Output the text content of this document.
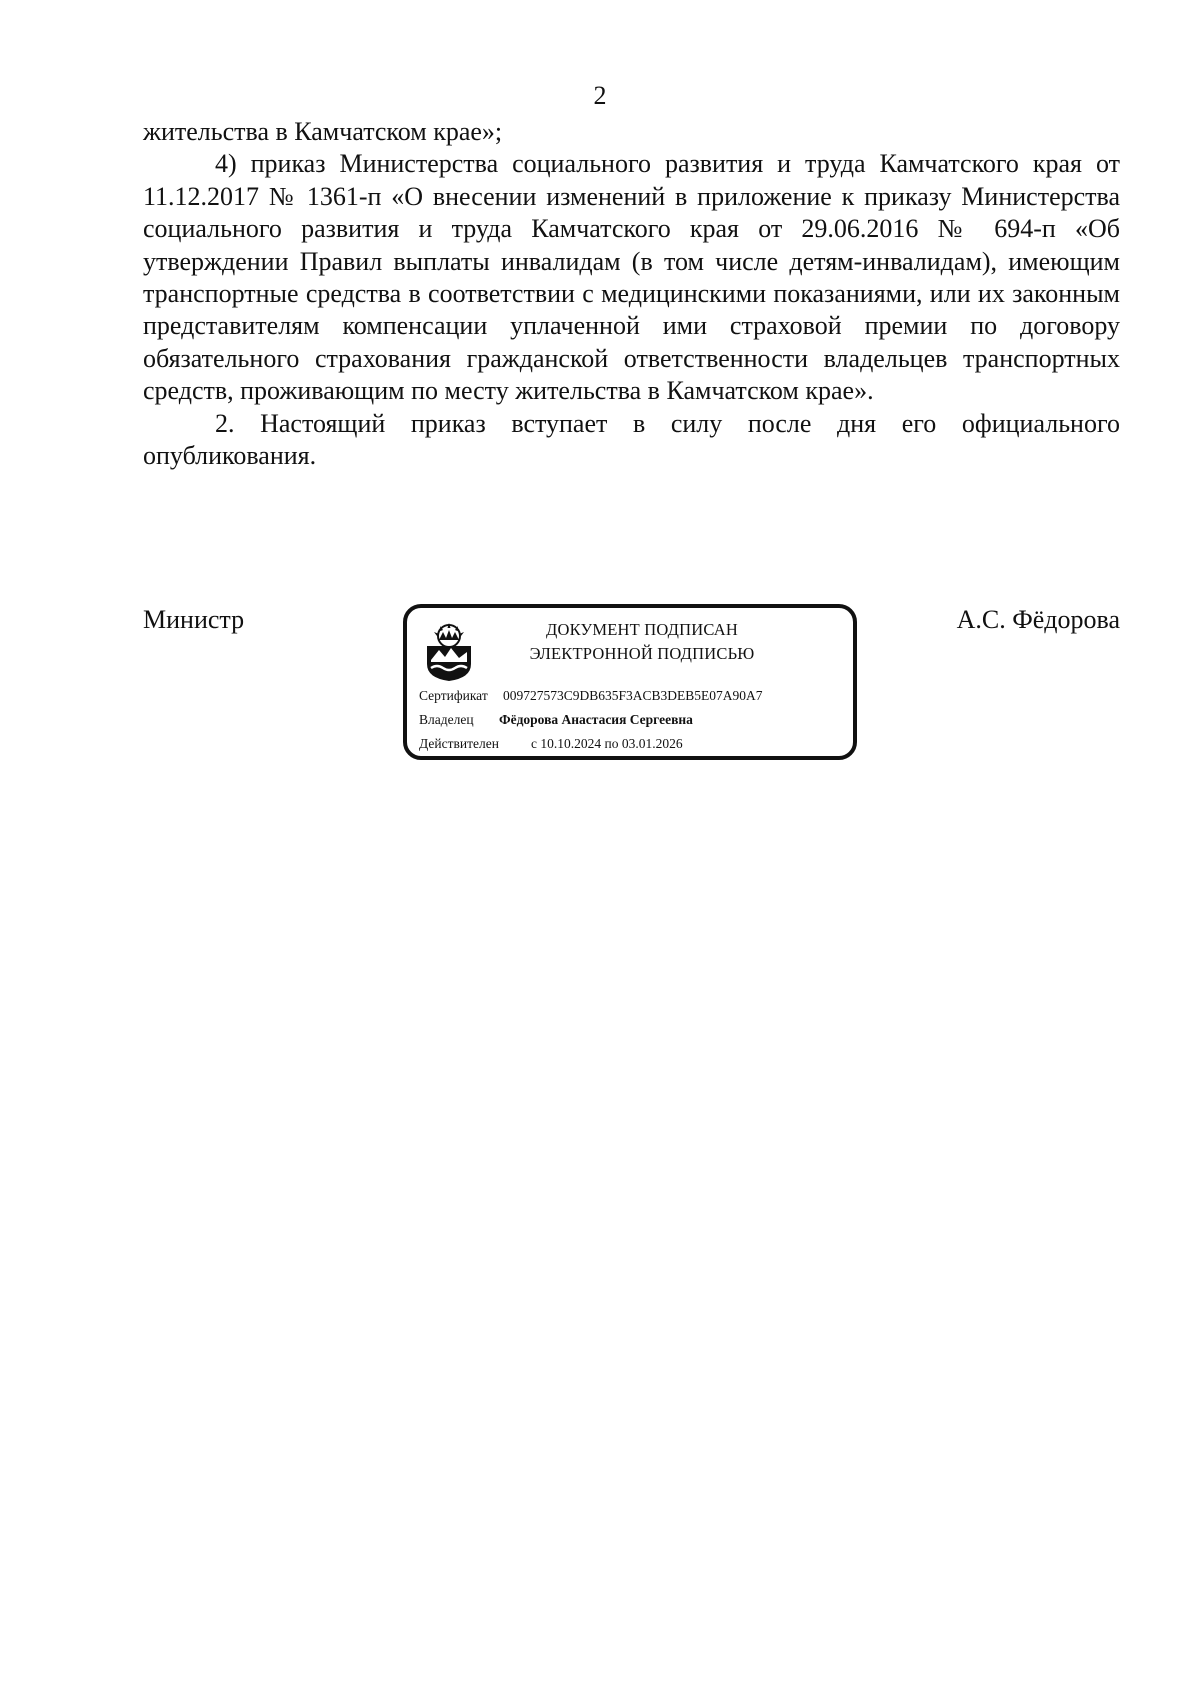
2

жительства в Камчатском крае»;

4) приказ Министерства социального развития и труда Камчатского края от 11.12.2017 № 1361-п «О внесении изменений в приложение к приказу Министерства социального развития и труда Камчатского края от 29.06.2016 № 694-п «Об утверждении Правил выплаты инвалидам (в том числе детям-инвалидам), имеющим транспортные средства в соответствии с медицинскими показаниями, или их законным представителям компенсации уплаченной ими страховой премии по договору обязательного страхования гражданской ответственности владельцев транспортных средств, проживающим по месту жительства в Камчатском крае».

2. Настоящий приказ вступает в силу после дня его официального опубликования.

Министр	ДОКУМЕНТ ПОДПИСАН
ЭЛЕКТРОННОЙ ПОДПИСЬЮ
Сертификат 009727573C9DB635F3ACB3DEB5E07A90A7
Владелец Фёдорова Анастасия Сергеевна
Действителен с 10.10.2024 по 03.01.2026
А.С. Фёдорова
